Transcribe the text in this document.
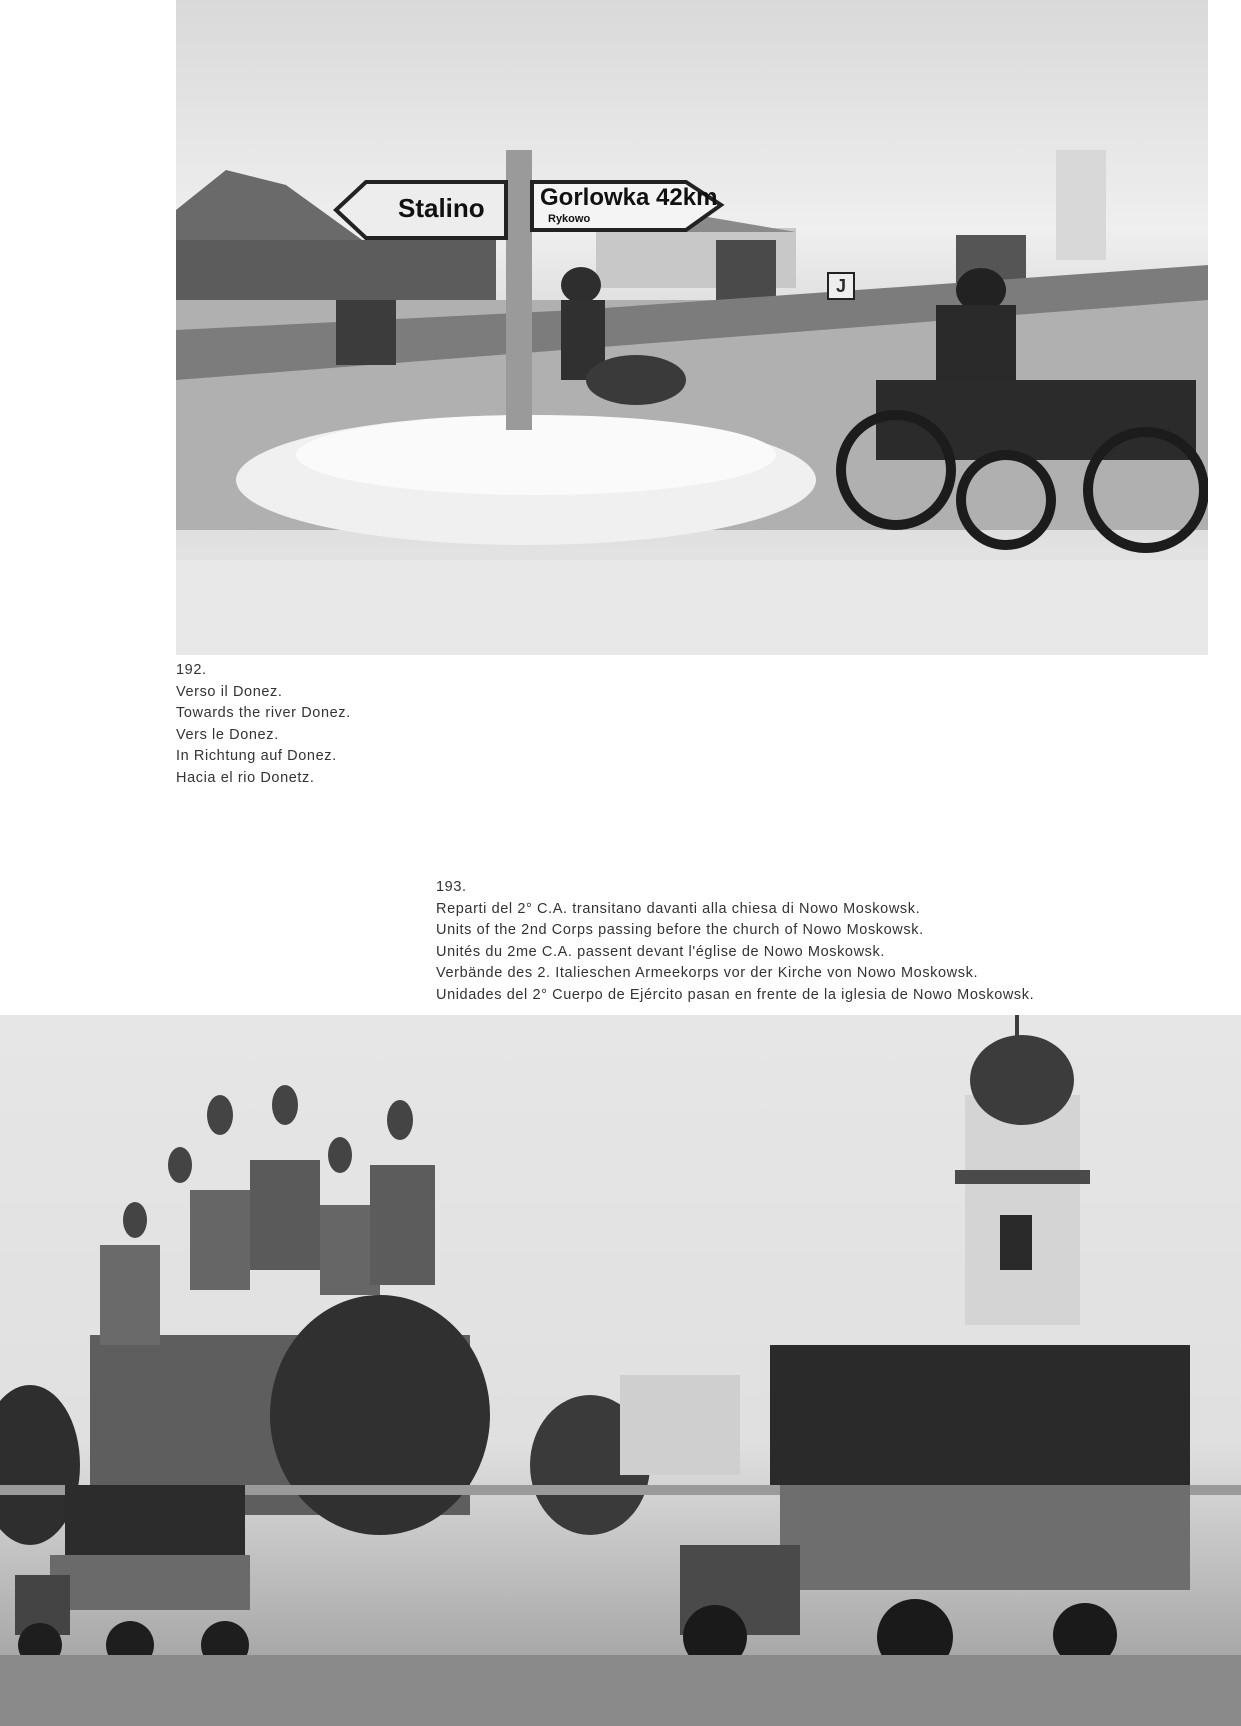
Stalino Gorlowka 42km
Rykowo
J
192.
Verso il Donez.
Towards the river Donez.
Vers le Donez.
In Richtung auf Donez.
Hacia el rio Donetz.
193.
Reparti del 2° C.A. transitano davanti alla chiesa di Nowo Moskowsk.
Units of the 2nd Corps passing before the church of Nowo Moskowsk.
Unités du 2me C.A. passent devant l'église de Nowo Moskowsk.
Verbände des 2. Italieschen Armeekorps vor der Kirche von Nowo Moskowsk.
Unidades del 2° Cuerpo de Ejército pasan en frente de la iglesia de Nowo Moskowsk.
